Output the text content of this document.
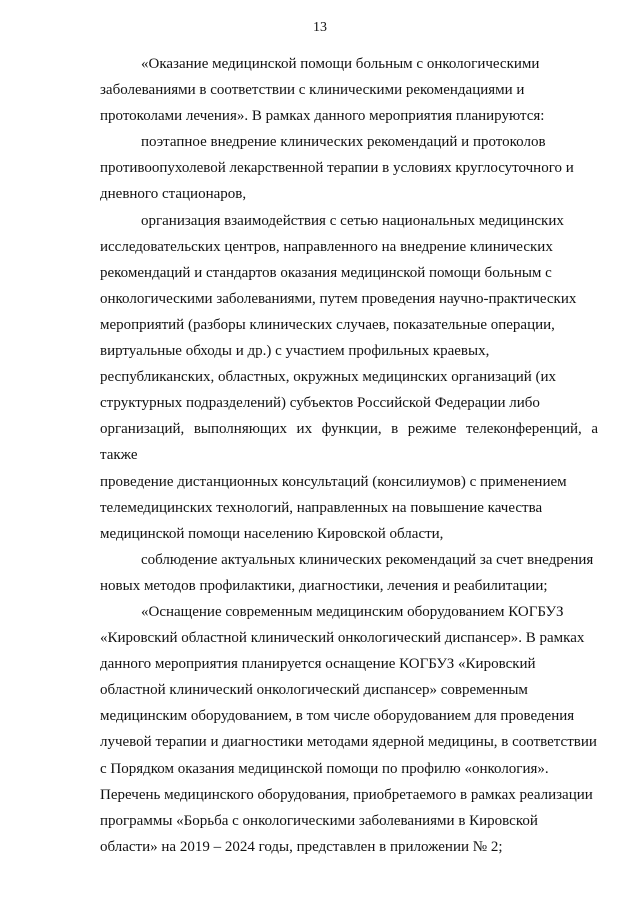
13

«Оказание медицинской помощи больным с онкологическими
заболеваниями в соответствии с клиническими рекомендациями и
протоколами лечения». В рамках данного мероприятия планируются:

поэтапное внедрение клинических рекомендаций и протоколов
противоопухолевой лекарственной терапии в условиях круглосуточного и
дневного стационаров,

организация взаимодействия с сетью национальных медицинских
исследовательских центров, направленного на внедрение клинических
рекомендаций и стандартов оказания медицинской помощи больным с
онкологическими заболеваниями, путем проведения научно-практических
мероприятий (разборы клинических случаев, показательные операции,
виртуальные обходы и др.) с участием профильных краевых,
республиканских, областных, окружных медицинских организаций (их
структурных подразделений) субъектов Российской Федерации либо
организаций, выполняющих их функции, в режиме телеконференций, а также
проведение дистанционных консультаций (консилиумов) с применением
телемедицинских технологий, направленных на повышение качества
медицинской помощи населению Кировской области,

соблюдение актуальных клинических рекомендаций за счет внедрения
новых методов профилактики, диагностики, лечения и реабилитации;

«Оснащение современным медицинским оборудованием КОГБУЗ
«Кировский областной клинический онкологический диспансер». В рамках
данного мероприятия планируется оснащение КОГБУЗ «Кировский
областной клинический онкологический диспансер» современным
медицинским оборудованием, в том числе оборудованием для проведения
лучевой терапии и диагностики методами ядерной медицины, в соответствии
с Порядком оказания медицинской помощи по профилю «онкология».
Перечень медицинского оборудования, приобретаемого в рамках реализации
программы «Борьба с онкологическими заболеваниями в Кировской
области» на 2019 – 2024 годы, представлен в приложении № 2;
